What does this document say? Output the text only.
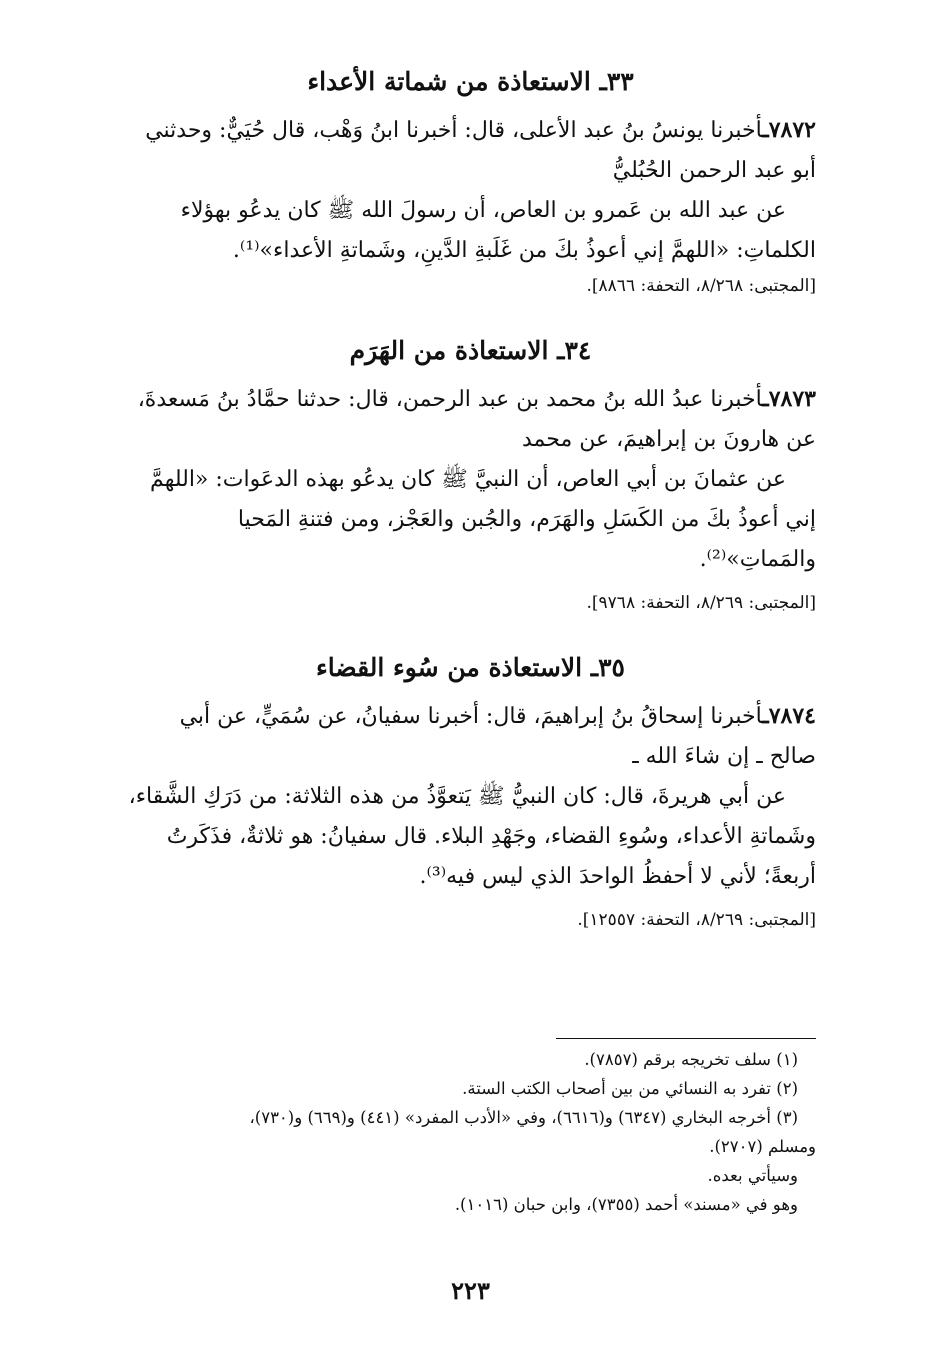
٣٣ـ الاستعاذة من شماتة الأعداء

٧٨٧٢ـأخبرنا يونسُ بنُ عبد الأعلى، قال: أخبرنا ابنُ وَهْب، قال حُيَيٌّ: وحدثني

أبو عبد الرحمن الحُبُليُّ

عن عبد الله بن عَمرو بن العاص، أن رسولَ الله ﷺ كان يدعُو بهؤلاء

الكلماتِ: «اللهمَّ إني أعوذُ بكَ من غَلَبةِ الدَّينِ، وشَماتةِ الأعداء»⁽¹⁾.

[المجتبى: ٨/٢٦٨، التحفة: ٨٨٦٦].

٣٤ـ الاستعاذة من الهَرَم

٧٨٧٣ـأخبرنا عبدُ الله بنُ محمد بن عبد الرحمن، قال: حدثنا حمَّادُ بنُ مَسعدةَ،

عن هارونَ بن إبراهيمَ، عن محمد

عن عثمانَ بن أبي العاص، أن النبيَّ ﷺ كان يدعُو بهذه الدعَوات: «اللهمَّ

إني أعوذُ بكَ من الكَسَلِ والهَرَم، والجُبن والعَجْز، ومن فتنةِ المَحيا

والمَماتِ»⁽²⁾.

[المجتبى: ٨/٢٦٩، التحفة: ٩٧٦٨].

٣٥ـ الاستعاذة من سُوء القضاء

٧٨٧٤ـأخبرنا إسحاقُ بنُ إبراهيمَ، قال: أخبرنا سفيانُ، عن سُمَيٍّ، عن أبي

صالح ـ إن شاءَ الله ـ

عن أبي هريرةَ، قال: كان النبيُّ ﷺ يَتعوَّذُ من هذه الثلاثة: من دَرَكِ الشَّقاء،

وشَماتةِ الأعداء، وسُوءِ القضاء، وجَهْدِ البلاء. قال سفيانُ: هو ثلاثةٌ، فذَكَرتُ

أربعةً؛ لأني لا أحفظُ الواحدَ الذي ليس فيه⁽³⁾.

[المجتبى: ٨/٢٦٩، التحفة: ١٢٥٥٧].

(١) سلف تخريجه برقم (٧٨٥٧).

(٢) تفرد به النسائي من بين أصحاب الكتب الستة.

(٣) أخرجه البخاري (٦٣٤٧) و(٦٦١٦)، وفي «الأدب المفرد» (٤٤١) و(٦٦٩) و(٧٣٠)،

ومسلم (٢٧٠٧).

وسيأتي بعده.

وهو في «مسند» أحمد (٧٣٥٥)، وابن حبان (١٠١٦).

٢٢٣
